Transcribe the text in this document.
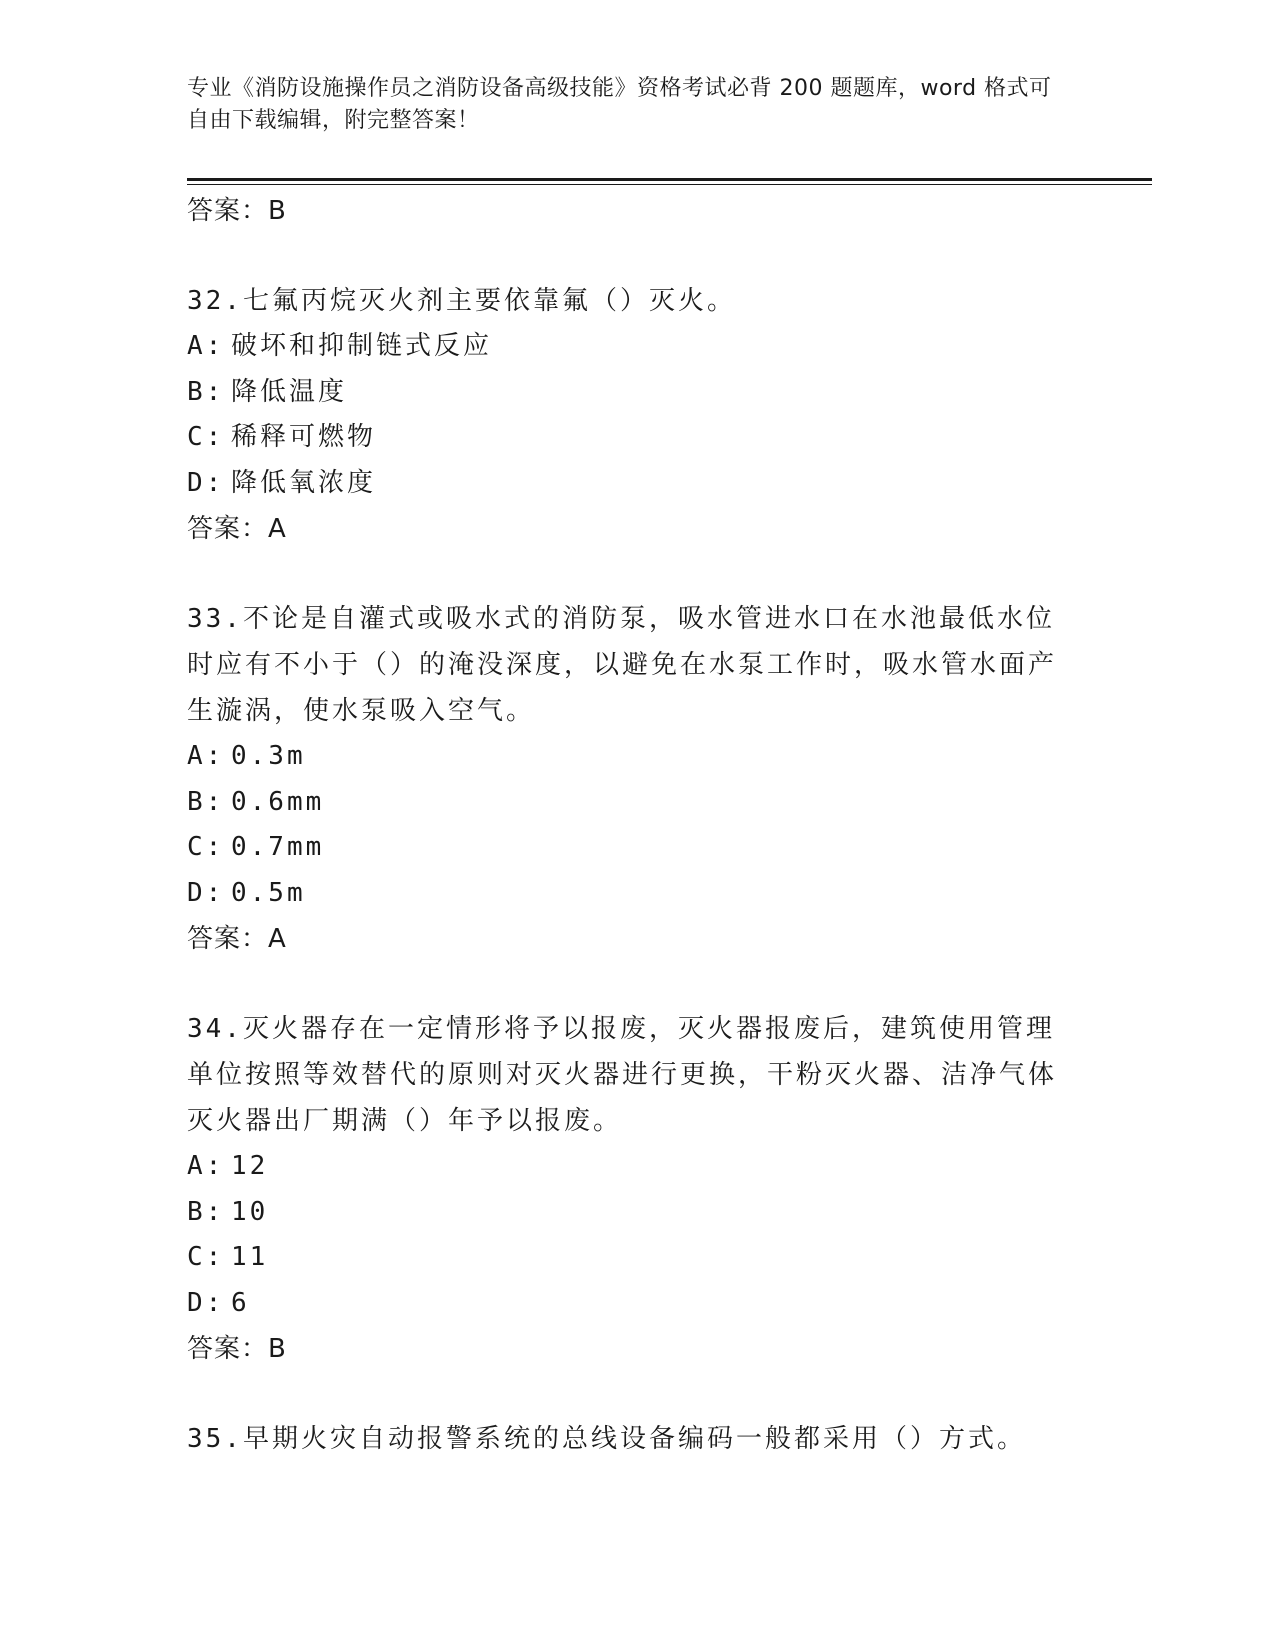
专业《消防设施操作员之消防设备高级技能》资格考试必背 200 题题库，word 格式可自由下载编辑，附完整答案！
答案：B
32.七氟丙烷灭火剂主要依靠氟（）灭火。
A: 破坏和抑制链式反应
B: 降低温度
C: 稀释可燃物
D: 降低氧浓度
答案：A
33.不论是自灌式或吸水式的消防泵，吸水管进水口在水池最低水位时应有不小于（）的淹没深度，以避免在水泵工作时，吸水管水面产生漩涡，使水泵吸入空气。
A: 0.3m
B: 0.6mm
C: 0.7mm
D: 0.5m
答案：A
34.灭火器存在一定情形将予以报废，灭火器报废后，建筑使用管理单位按照等效替代的原则对灭火器进行更换，干粉灭火器、洁净气体灭火器出厂期满（）年予以报废。
A: 12
B: 10
C: 11
D: 6
答案：B
35.早期火灾自动报警系统的总线设备编码一般都采用（）方式。
